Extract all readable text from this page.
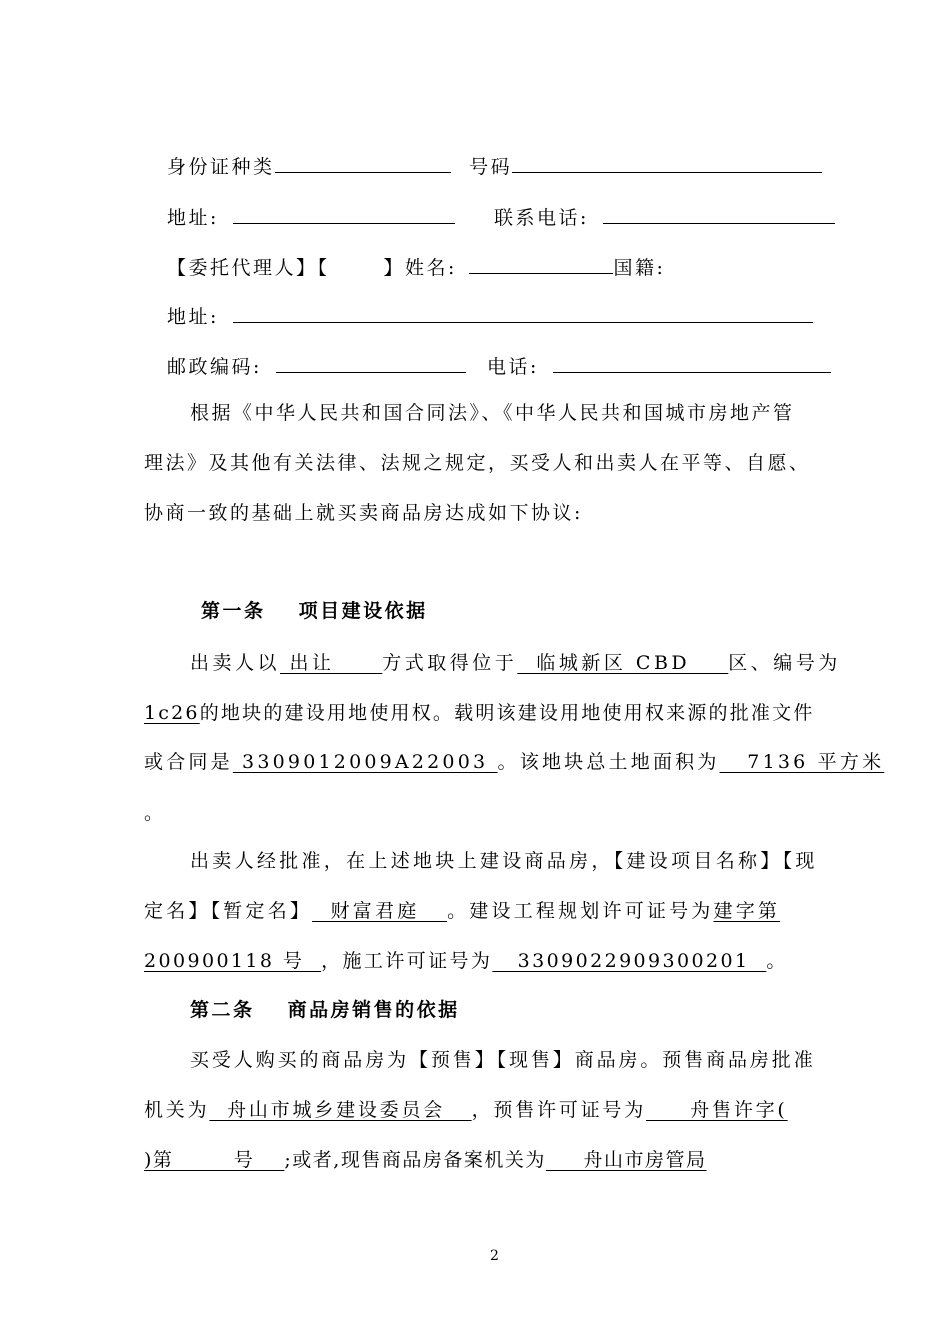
身份证种类	号码
地址:	联系电话:
【委托代理人】【	】姓名:	国籍:
地址:
邮政编码:	电话:
根据《中华人民共和国合同法》、《中华人民共和国城市房地产管
理法》及其他有关法律、法规之规定，买受人和出卖人在平等、自愿、
协商一致的基础上就买卖商品房达成如下协议:
第一条 项目建设依据
出卖人以 出让     方式取得位于  临城新区 CBD    区、编号为
1c26的地块的建设用地使用权。载明该建设用地使用权来源的批准文件
或合同是 3309012009A22003 。该地块总土地面积为   7136 平方米
。
出卖人经批准，在上述地块上建设商品房，【建设项目名称】【现
定名】【暂定名】  财富君庭   。建设工程规划许可证号为建字第
200900118 号  ，施工许可证号为   3309022909300201  。
第二条 商品房销售的依据
买受人购买的商品房为【预售】【现售】商品房。预售商品房批准
机关为  舟山市城乡建设委员会   ，预售许可证号为     舟售许字(
)第        号    ;或者,现售商品房备案机关为     舟山市房管局
2
